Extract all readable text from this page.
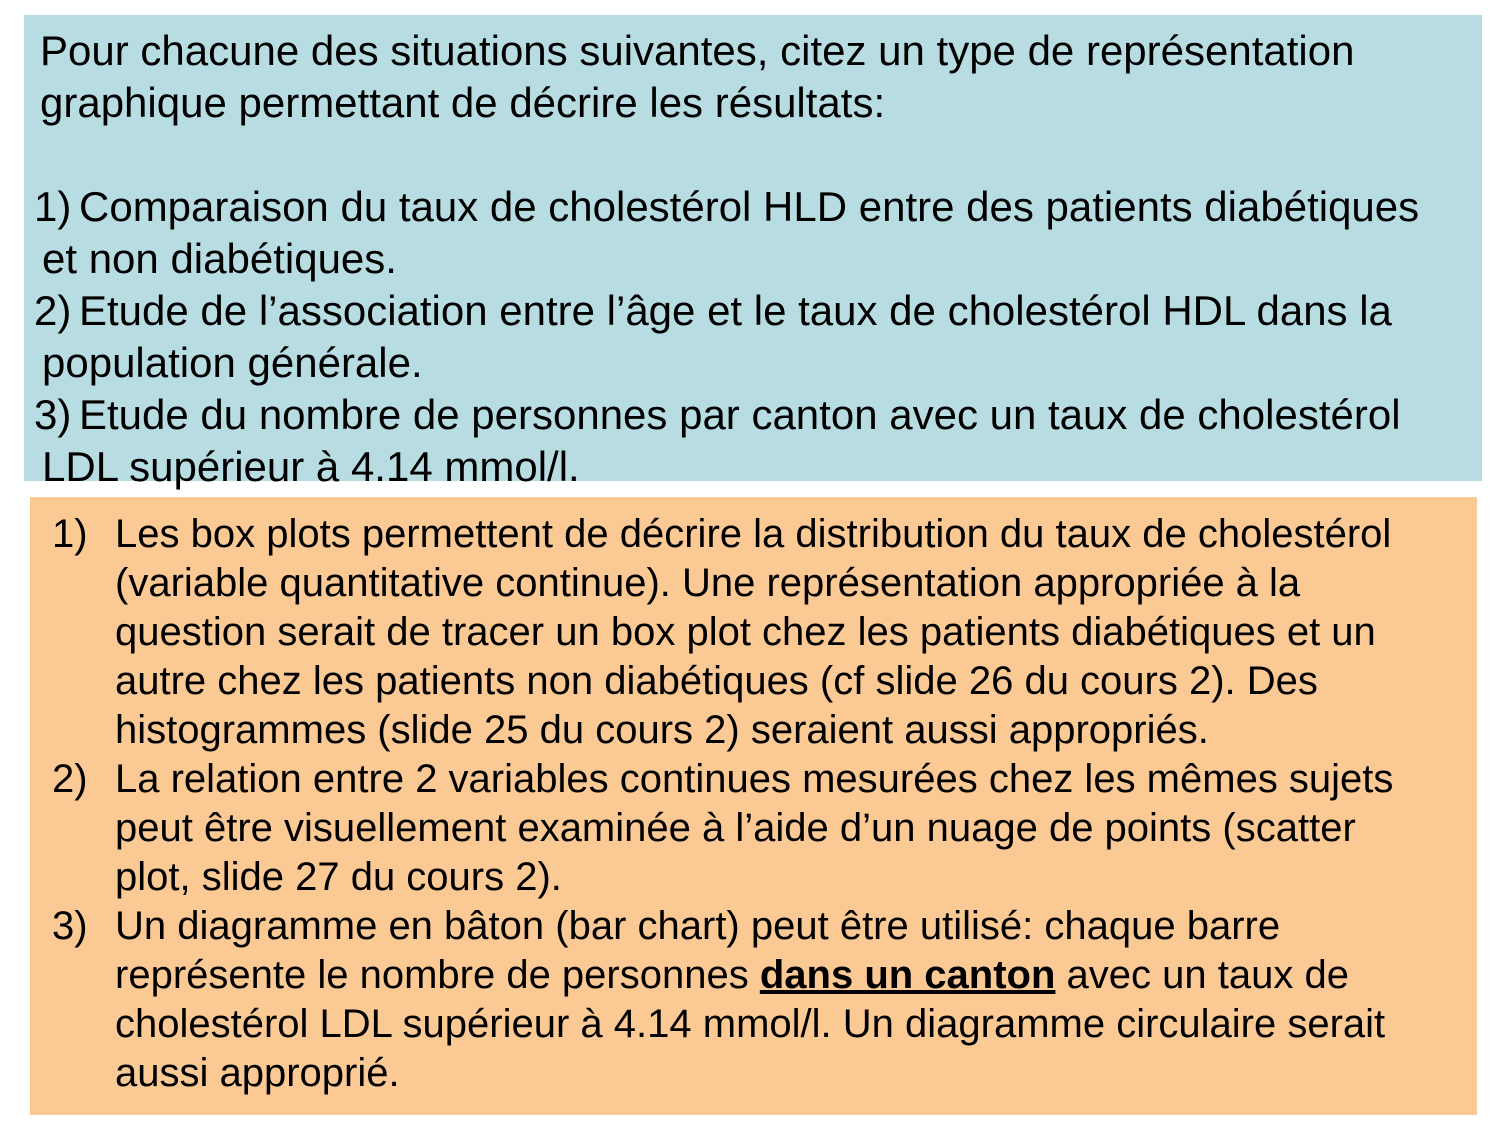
Pour chacune des situations suivantes, citez un type de représentation
graphique permettant de décrire les résultats:
1) Comparaison du taux de cholestérol HLD entre des patients diabétiques
et non diabétiques.
2) Etude de l’association entre l’âge et le taux de cholestérol HDL dans la
population générale.
3) Etude du nombre de personnes par canton avec un taux de cholestérol
LDL supérieur à 4.14 mmol/l.
1) Les box plots permettent de décrire la distribution du taux de cholestérol
(variable quantitative continue). Une représentation appropriée à la
question serait de tracer un box plot chez les patients diabétiques et un
autre chez les patients non diabétiques (cf slide 26 du cours 2). Des
histogrammes (slide 25 du cours 2) seraient aussi appropriés.
2) La relation entre 2 variables continues mesurées chez les mêmes sujets
peut être visuellement examinée à l’aide d’un nuage de points (scatter
plot, slide 27 du cours 2).
3) Un diagramme en bâton (bar chart) peut être utilisé: chaque barre
représente le nombre de personnes dans un canton avec un taux de
cholestérol LDL supérieur à 4.14 mmol/l. Un diagramme circulaire serait
aussi approprié.
